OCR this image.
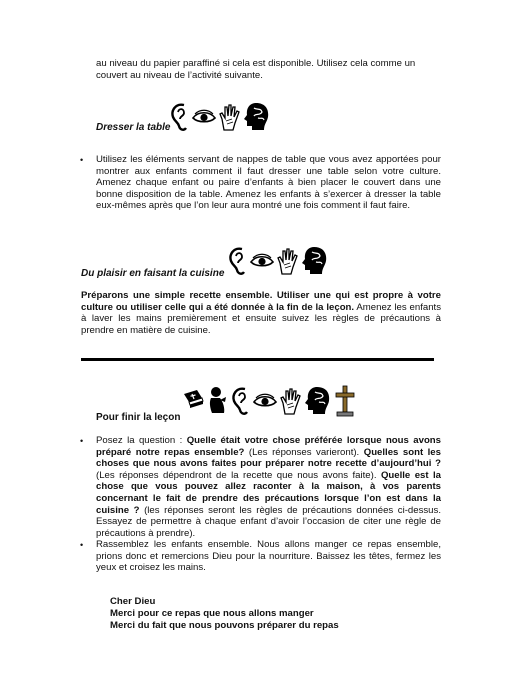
au niveau du papier paraffiné si cela est disponible. Utilisez cela comme un
couvert au niveau de l’activité suivante.
Dresser la table
• Utilisez les éléments servant de nappes de table que vous avez apportées pour montrer aux enfants comment il faut dresser une table selon votre culture. Amenez chaque enfant ou paire d’enfants à bien placer le couvert dans une bonne disposition de la table. Amenez les enfants à s’exercer à dresser la table eux-mêmes après que l’on leur aura montré une fois comment il faut faire.
Du plaisir en faisant la cuisine
Préparons une simple recette ensemble. Utiliser une qui est propre à votre culture ou utiliser celle qui a été donnée à la fin de la leçon. Amenez les enfants à laver les mains premièrement et ensuite suivez les règles de précautions à prendre en matière de cuisine.
Pour finir la leçon
• Posez la question : Quelle était votre chose préférée lorsque nous avons préparé notre repas ensemble? (Les réponses varieront). Quelles sont les choses que nous avons faites pour préparer notre recette d’aujourd’hui ? (Les réponses dépendront de la recette que nous avons faite). Quelle est la chose que vous pouvez allez raconter à la maison, à vos parents concernant le fait de prendre des précautions lorsque l’on est dans la cuisine ? (les réponses seront les règles de précautions données ci-dessus. Essayez de permettre à chaque enfant d’avoir l’occasion de citer une règle de précautions à prendre).
• Rassemblez les enfants ensemble. Nous allons manger ce repas ensemble, prions donc et remercions Dieu pour la nourriture. Baissez les têtes, fermez les yeux et croisez les mains.
Cher Dieu
Merci pour ce repas que nous allons manger
Merci du fait que nous pouvons préparer du repas
